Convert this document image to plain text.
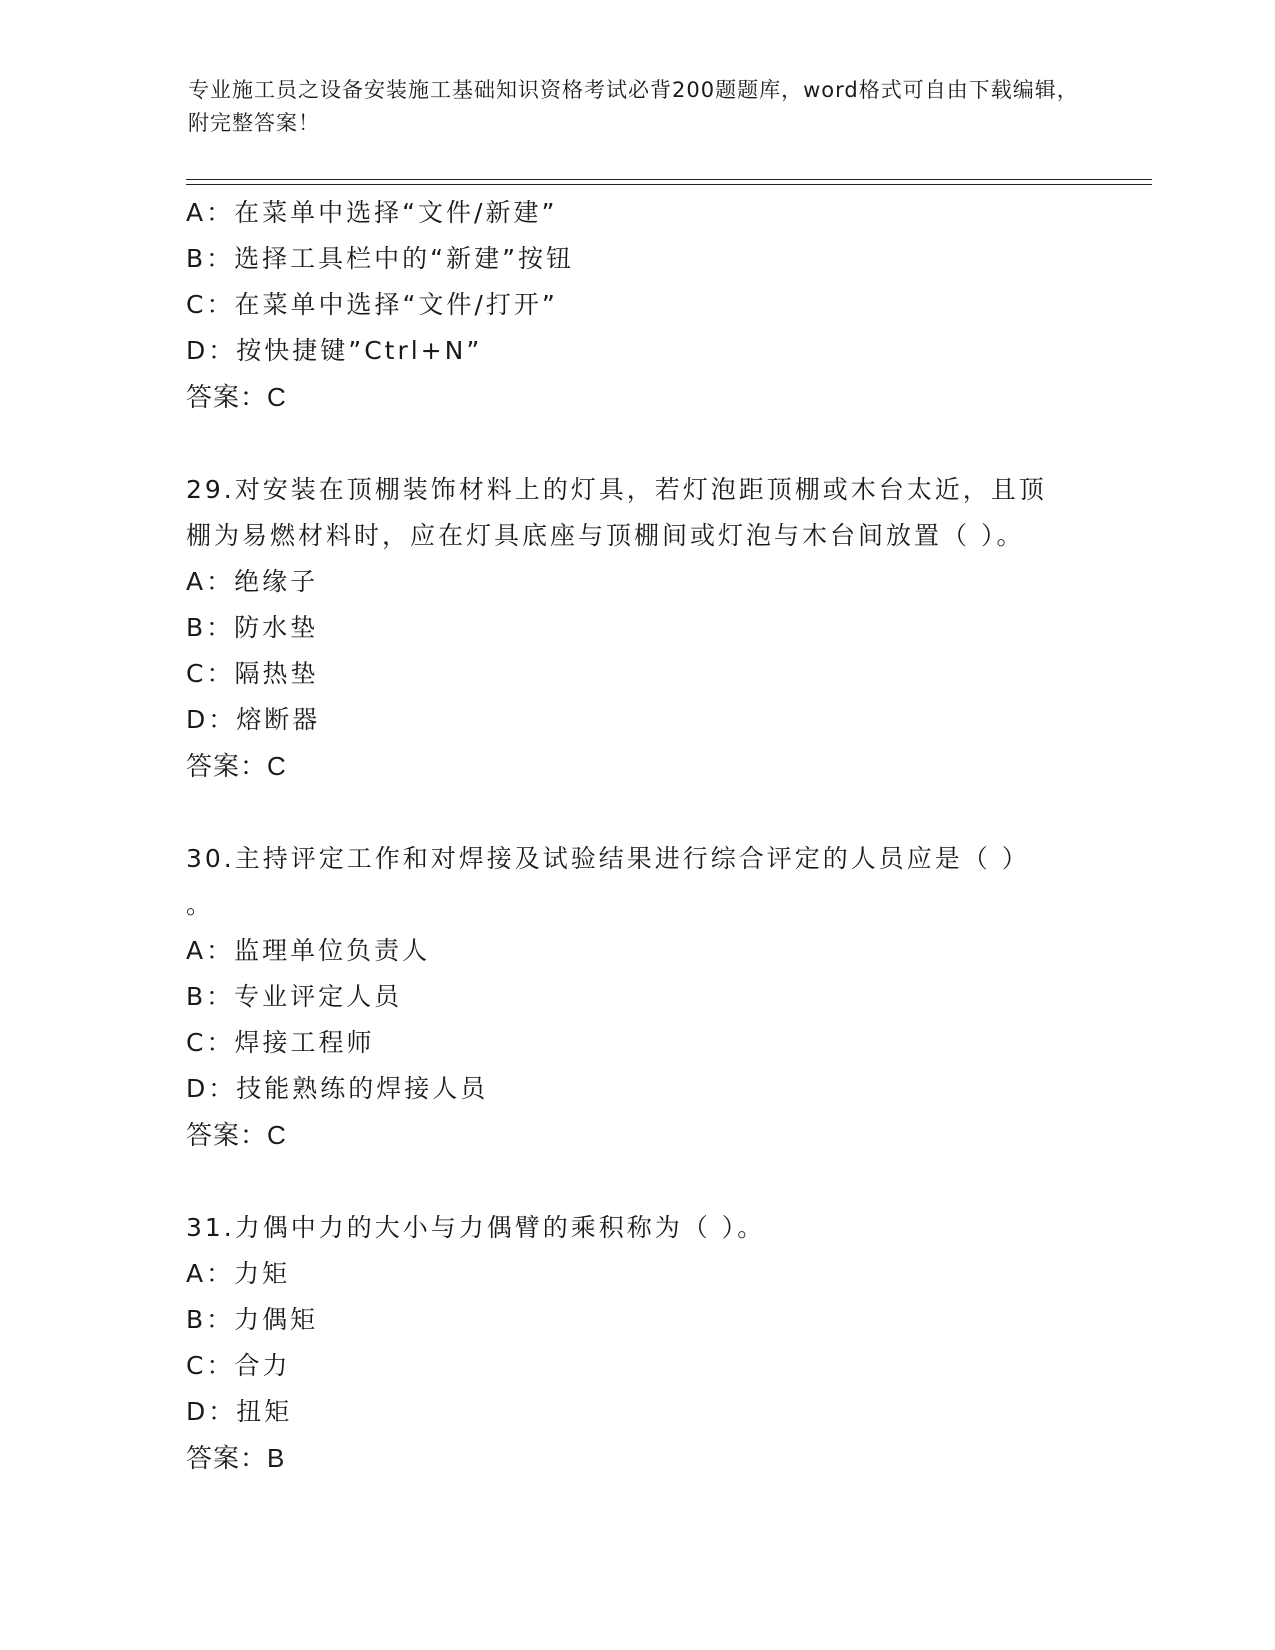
专业施工员之设备安装施工基础知识资格考试必背200题题库，word格式可自由下载编辑，附完整答案！
A：在菜单中选择“文件/新建”
B：选择工具栏中的“新建”按钮
C：在菜单中选择“文件/打开”
D：按快捷键”Ctrl+N”
答案：C
29.对安装在顶棚装饰材料上的灯具，若灯泡距顶棚或木台太近，且顶棚为易燃材料时，应在灯具底座与顶棚间或灯泡与木台间放置（ ）。
A：绝缘子
B：防水垫
C：隔热垫
D：熔断器
答案：C
30.主持评定工作和对焊接及试验结果进行综合评定的人员应是（ ）
。
A：监理单位负责人
B：专业评定人员
C：焊接工程师
D：技能熟练的焊接人员
答案：C
31.力偶中力的大小与力偶臂的乘积称为（ ）。
A：力矩
B：力偶矩
C：合力
D：扭矩
答案：B
